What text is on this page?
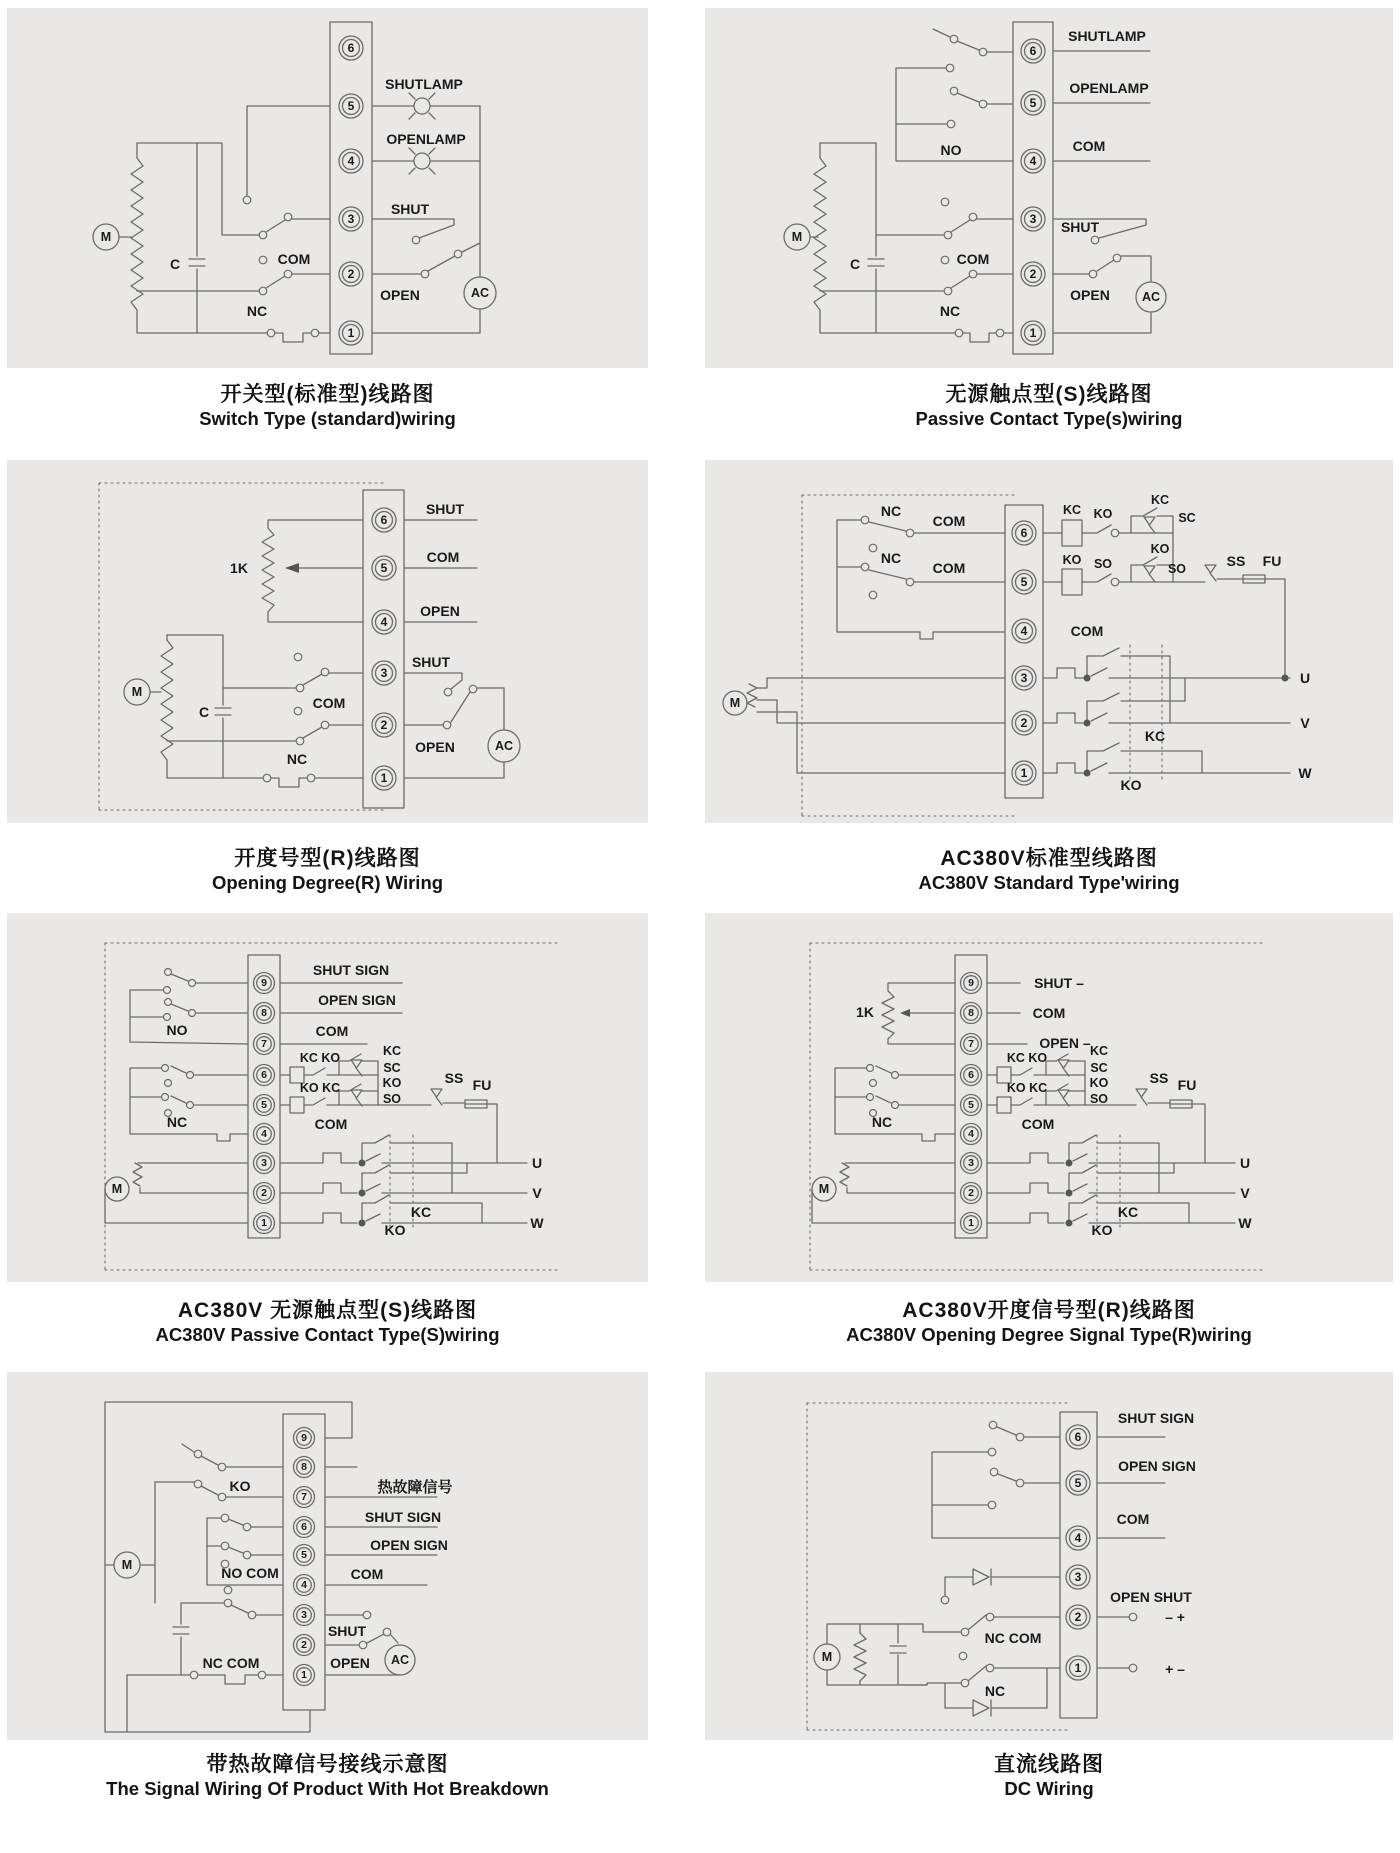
6
5
4
3
2
1
SHUTLAMP
OPENLAMP
SHUT
COM
OPEN
NC
C
M
AC
6
5
4
3
2
1
SHUTLAMP
OPENLAMP
COM
NO
SHUT
OPEN
COM
NC
C
M
AC
6
5
4
3
2
1
1K
SHUT
COM
OPEN
SHUT
COM
OPEN
NC
C
M
AC
6
5
4
3
2
1
NC
COM
NC
COM
KC KO
KC
SC
KO SO
KO
SO	SS FU
COM
KC
KO
U
V
W
M
9
8
7
6
5
4
3
2
1
SHUT SIGN
OPEN SIGN
COM
NO
NC
KC KO
KO KC
KC
SC
KO
SO
SS FU
COM
U
V
W
KC
KO
M
9
8
7
6
5
4
3
2
1
1K
SHUT –
COM
OPEN –
NC
KC KO
KO KC
KC
SC
KO
SO
SS FU
COM
U
V
W
KC
KO
M
9
8
7
6
5
4
3
2
1
KO	热故障信号
SHUT SIGN
OPEN SIGN
NO COM	COM
SHUT
NC COM	OPEN
M
AC
6
5
4
3
2
1
SHUT SIGN
OPEN SIGN
COM
OPEN SHUT
– +
+ –
NC COM
NC
M
开关型(标准型)线路图
Switch Type (standard)wiring
无源触点型(S)线路图
Passive Contact Type(s)wiring
开度号型(R)线路图
Opening Degree(R) Wiring
AC380V标准型线路图
AC380V Standard Type'wiring
AC380V 无源触点型(S)线路图
AC380V Passive Contact Type(S)wiring
AC380V开度信号型(R)线路图
AC380V Opening Degree Signal Type(R)wiring
带热故障信号接线示意图
The Signal Wiring Of Product With Hot Breakdown
直流线路图
DC Wiring
